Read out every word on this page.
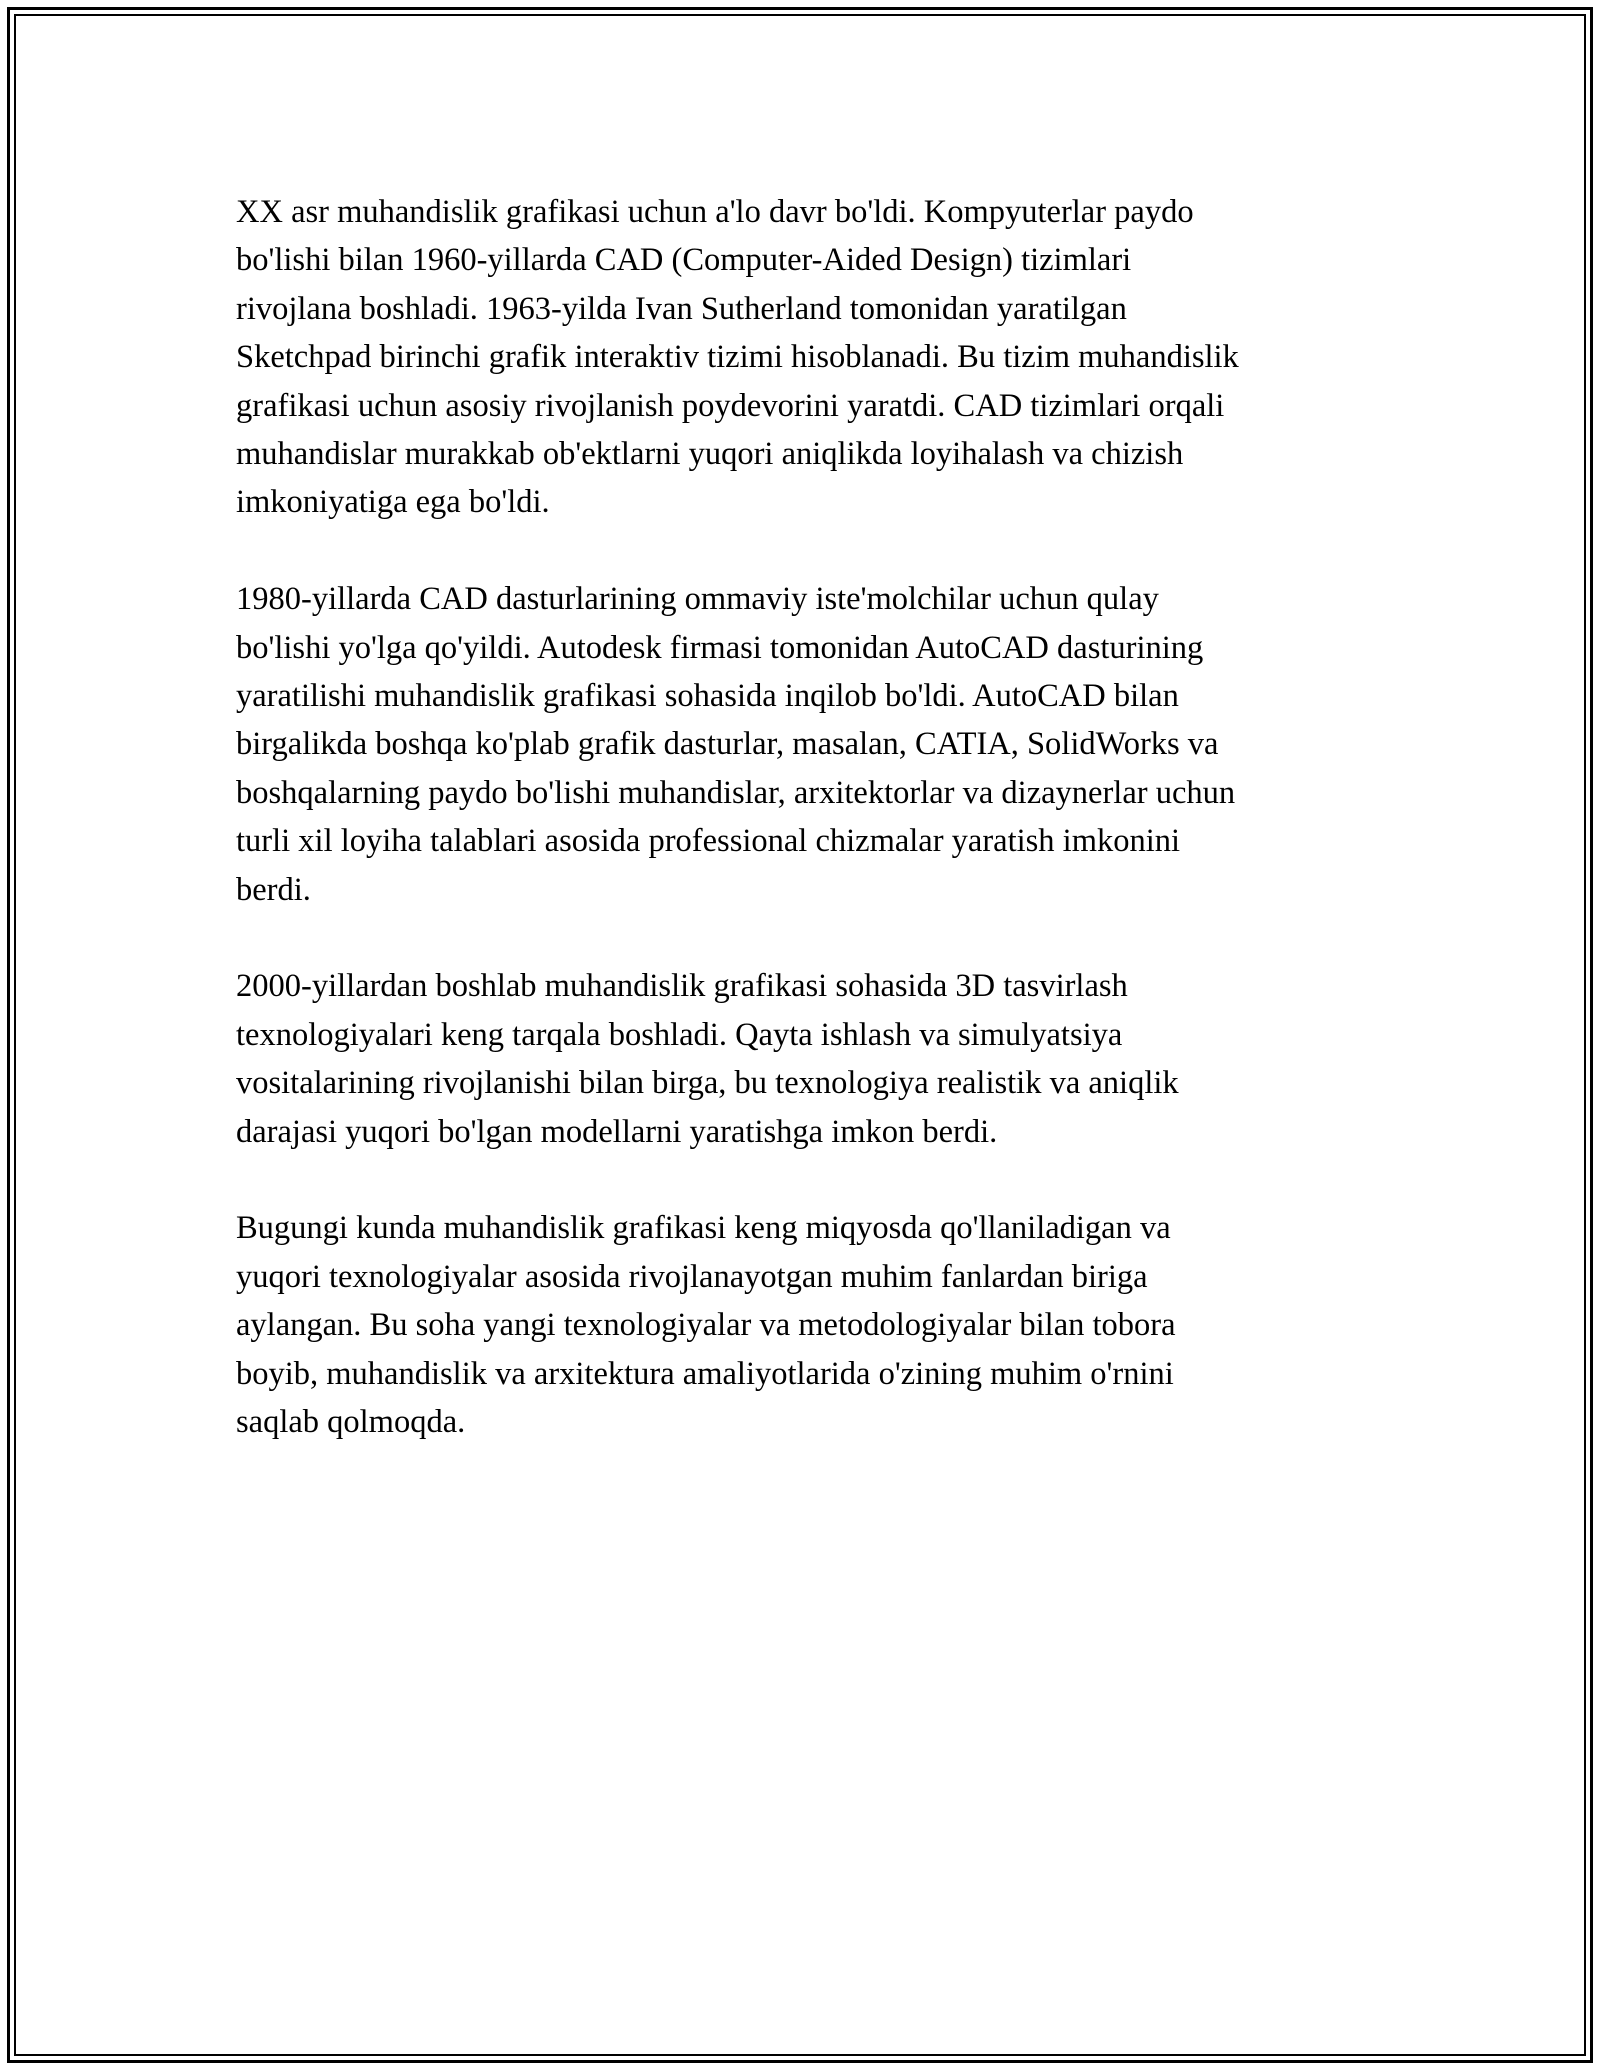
XX asr muhandislik grafikasi uchun a'lo davr bo'ldi. Kompyuterlar paydo
bo'lishi bilan 1960-yillarda CAD (Computer-Aided Design) tizimlari
rivojlana boshladi. 1963-yilda Ivan Sutherland tomonidan yaratilgan
Sketchpad birinchi grafik interaktiv tizimi hisoblanadi. Bu tizim muhandislik
grafikasi uchun asosiy rivojlanish poydevorini yaratdi. CAD tizimlari orqali
muhandislar murakkab ob'ektlarni yuqori aniqlikda loyihalash va chizish
imkoniyatiga ega bo'ldi.

1980-yillarda CAD dasturlarining ommaviy iste'molchilar uchun qulay
bo'lishi yo'lga qo'yildi. Autodesk firmasi tomonidan AutoCAD dasturining
yaratilishi muhandislik grafikasi sohasida inqilob bo'ldi. AutoCAD bilan
birgalikda boshqa ko'plab grafik dasturlar, masalan, CATIA, SolidWorks va
boshqalarning paydo bo'lishi muhandislar, arxitektorlar va dizaynerlar uchun
turli xil loyiha talablari asosida professional chizmalar yaratish imkonini
berdi.

2000-yillardan boshlab muhandislik grafikasi sohasida 3D tasvirlash
texnologiyalari keng tarqala boshladi. Qayta ishlash va simulyatsiya
vositalarining rivojlanishi bilan birga, bu texnologiya realistik va aniqlik
darajasi yuqori bo'lgan modellarni yaratishga imkon berdi.

Bugungi kunda muhandislik grafikasi keng miqyosda qo'llaniladigan va
yuqori texnologiyalar asosida rivojlanayotgan muhim fanlardan biriga
aylangan. Bu soha yangi texnologiyalar va metodologiyalar bilan tobora
boyib, muhandislik va arxitektura amaliyotlarida o'zining muhim o'rnini
saqlab qolmoqda.
